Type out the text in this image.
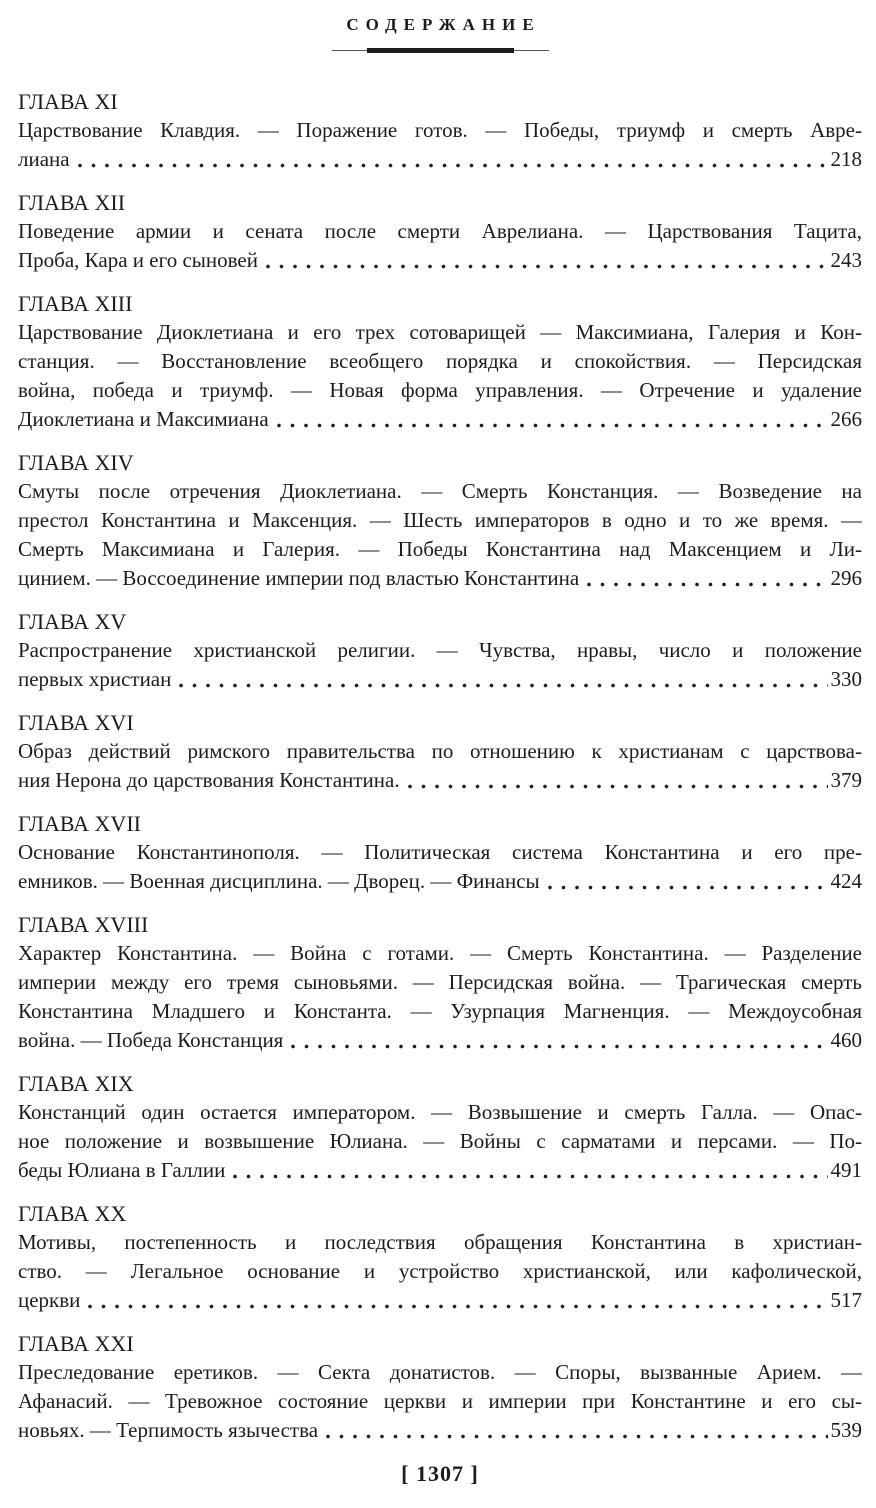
СОДЕРЖАНИЕ
ГЛАВА XI
Царствование Клавдия. — Поражение готов. — Победы, триумф и смерть Авре-
лиана	218
ГЛАВА XII
Поведение армии и сената после смерти Аврелиана. — Царствования Тацита,
Проба, Кара и его сыновей	243
ГЛАВА XIII
Царствование Диоклетиана и его трех сотоварищей — Максимиана, Галерия и Кон-
станция. — Восстановление всеобщего порядка и спокойствия. — Персидская
война, победа и триумф. — Новая форма управления. — Отречение и удаление
Диоклетиана и Максимиана	266
ГЛАВА XIV
Смуты после отречения Диоклетиана. — Смерть Констанция. — Возведение на
престол Константина и Максенция. — Шесть императоров в одно и то же время. —
Смерть Максимиана и Галерия. — Победы Константина над Максенцием и Ли-
цинием. — Воссоединение империи под властью Константина	296
ГЛАВА XV
Распространение христианской религии. — Чувства, нравы, число и положение
первых христиан	330
ГЛАВА XVI
Образ действий римского правительства по отношению к христианам с царствова-
ния Нерона до царствования Константина.	379
ГЛАВА XVII
Основание Константинополя. — Политическая система Константина и его пре-
емников. — Военная дисциплина. — Дворец. — Финансы	424
ГЛАВА XVIII
Характер Константина. — Война с готами. — Смерть Константина. — Разделение
империи между его тремя сыновьями. — Персидская война. — Трагическая смерть
Константина Младшего и Константа. — Узурпация Магненция. — Междоусобная
война. — Победа Констанция	460
ГЛАВА XIX
Констанций один остается императором. — Возвышение и смерть Галла. — Опас-
ное положение и возвышение Юлиана. — Войны с сарматами и персами. — По-
беды Юлиана в Галлии	491
ГЛАВА XX
Мотивы, постепенность и последствия обращения Константина в христиан-
ство. — Легальное основание и устройство христианской, или кафолической,
церкви	517
ГЛАВА XXI
Преследование еретиков. — Секта донатистов. — Споры, вызванные Арием. —
Афанасий. — Тревожное состояние церкви и империи при Константине и его сы-
новьях. — Терпимость язычества	539
[ 1307 ]
